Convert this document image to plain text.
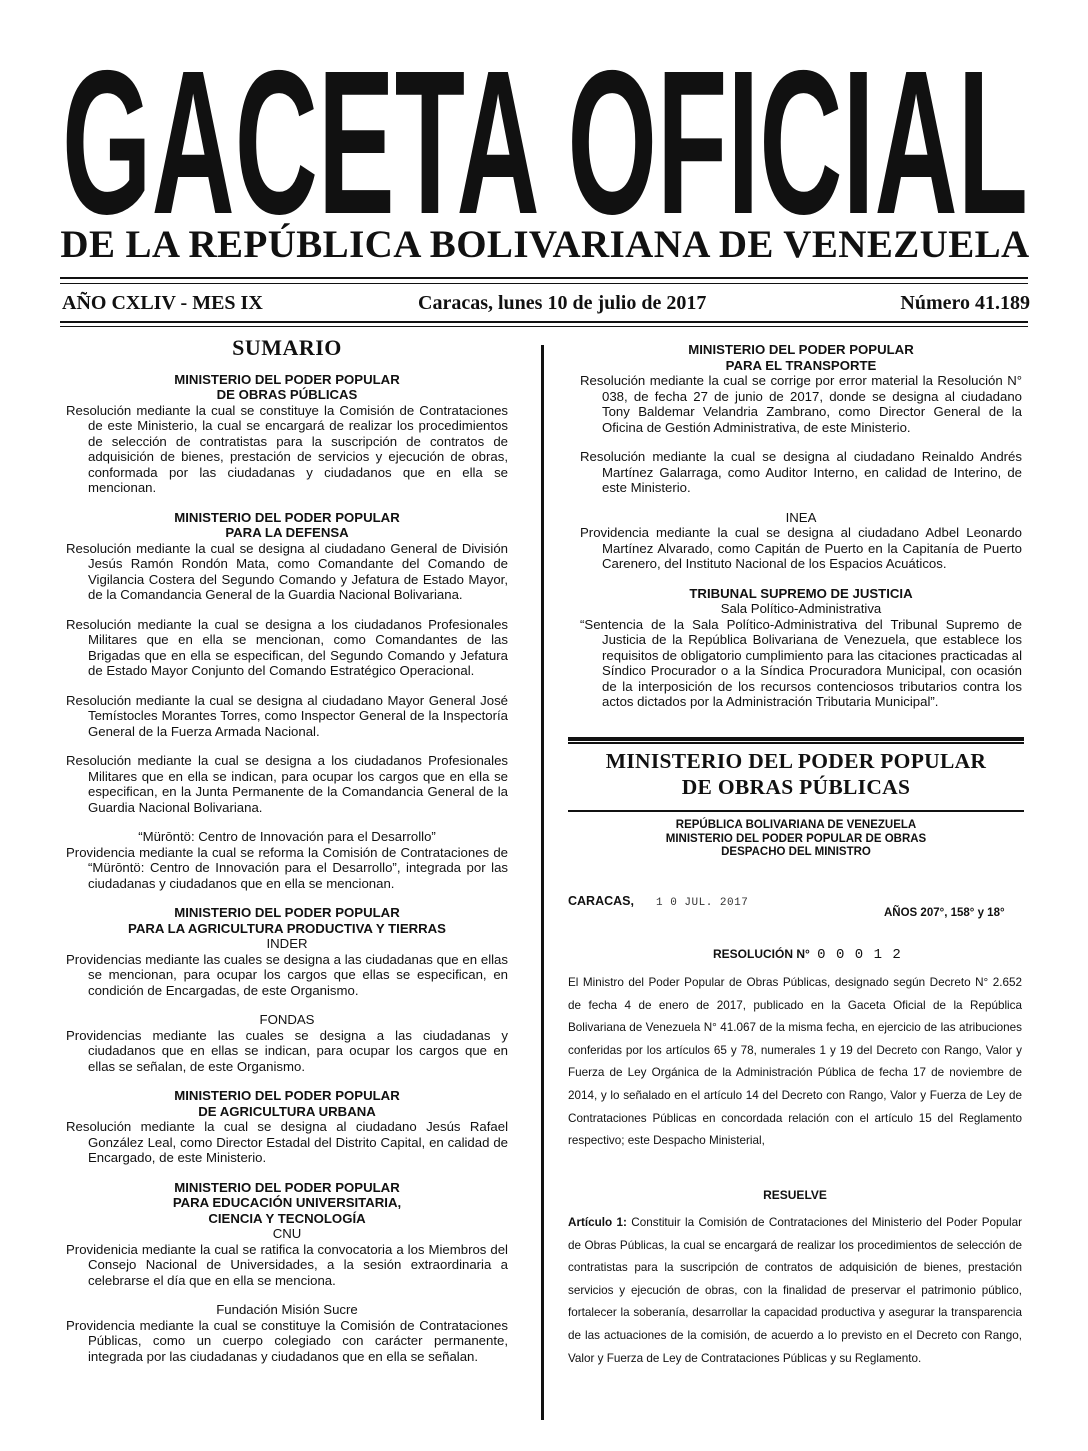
GACETA OFICIAL
DE LA REPÚBLICA BOLIVARIANA DE VENEZUELA
AÑO CXLIV - MES IX	Caracas, lunes 10 de julio de 2017	Número 41.189
SUMARIO
MINISTERIO DEL PODER POPULAR
DE OBRAS PÚBLICAS
Resolución mediante la cual se constituye la Comisión de Contrataciones de este Ministerio, la cual se encargará de realizar los procedimientos de selección de contratistas para la suscripción de contratos de adquisición de bienes, prestación de servicios y ejecución de obras, conformada por las ciudadanas y ciudadanos que en ella se mencionan.
MINISTERIO DEL PODER POPULAR
PARA LA DEFENSA
Resolución mediante la cual se designa al ciudadano General de División Jesús Ramón Rondón Mata, como Comandante del Comando de Vigilancia Costera del Segundo Comando y Jefatura de Estado Mayor, de la Comandancia General de la Guardia Nacional Bolivariana.
Resolución mediante la cual se designa a los ciudadanos Profesionales Militares que en ella se mencionan, como Comandantes de las Brigadas que en ella se especifican, del Segundo Comando y Jefatura de Estado Mayor Conjunto del Comando Estratégico Operacional.
Resolución mediante la cual se designa al ciudadano Mayor General José Temístocles Morantes Torres, como Inspector General de la Inspectoría General de la Fuerza Armada Nacional.
Resolución mediante la cual se designa a los ciudadanos Profesionales Militares que en ella se indican, para ocupar los cargos que en ella se especifican, en la Junta Permanente de la Comandancia General de la Guardia Nacional Bolivariana.
“Mürōntö: Centro de Innovación para el Desarrollo”
Providencia mediante la cual se reforma la Comisión de Contrataciones de “Mürōntö: Centro de Innovación para el Desarrollo”, integrada por las ciudadanas y ciudadanos que en ella se mencionan.
MINISTERIO DEL PODER POPULAR
PARA LA AGRICULTURA PRODUCTIVA Y TIERRAS
INDER
Providencias mediante las cuales se designa a las ciudadanas que en ellas se mencionan, para ocupar los cargos que ellas se especifican, en condición de Encargadas, de este Organismo.
FONDAS
Providencias mediante las cuales se designa a las ciudadanas y ciudadanos que en ellas se indican, para ocupar los cargos que en ellas se señalan, de este Organismo.
MINISTERIO DEL PODER POPULAR
DE AGRICULTURA URBANA
Resolución mediante la cual se designa al ciudadano Jesús Rafael González Leal, como Director Estadal del Distrito Capital, en calidad de Encargado, de este Ministerio.
MINISTERIO DEL PODER POPULAR
PARA EDUCACIÓN UNIVERSITARIA,
CIENCIA Y TECNOLOGÍA
CNU
Providenicia mediante la cual se ratifica la convocatoria a los Miembros del Consejo Nacional de Universidades, a la sesión extraordinaria a celebrarse el día que en ella se menciona.
Fundación Misión Sucre
Providencia mediante la cual se constituye la Comisión de Contrataciones Públicas, como un cuerpo colegiado con carácter permanente, integrada por las ciudadanas y ciudadanos que en ella se señalan.
MINISTERIO DEL PODER POPULAR
PARA EL TRANSPORTE
Resolución mediante la cual se corrige por error material la Resolución N° 038, de fecha 27 de junio de 2017, donde se designa al ciudadano Tony Baldemar Velandria Zambrano, como Director General de la Oficina de Gestión Administrativa, de este Ministerio.
Resolución mediante la cual se designa al ciudadano Reinaldo Andrés Martínez Galarraga, como Auditor Interno, en calidad de Interino, de este Ministerio.
INEA
Providencia mediante la cual se designa al ciudadano Adbel Leonardo Martínez Alvarado, como Capitán de Puerto en la Capitanía de Puerto Carenero, del Instituto Nacional de los Espacios Acuáticos.
TRIBUNAL SUPREMO DE JUSTICIA
Sala Político-Administrativa
“Sentencia de la Sala Político-Administrativa del Tribunal Supremo de Justicia de la República Bolivariana de Venezuela, que establece los requisitos de obligatorio cumplimiento para las citaciones practicadas al Síndico Procurador o a la Síndica Procuradora Municipal, con ocasión de la interposición de los recursos contenciosos tributarios contra los actos dictados por la Administración Tributaria Municipal”.
MINISTERIO DEL PODER POPULAR
DE OBRAS PÚBLICAS
REPÚBLICA BOLIVARIANA DE VENEZUELA
MINISTERIO DEL PODER POPULAR DE OBRAS
DESPACHO DEL MINISTRO
CARACAS, 1 0 JUL. 2017
AÑOS 207°, 158° y 18°
RESOLUCIÓN N° 0 0 0 1 2
El Ministro del Poder Popular de Obras Públicas, designado según Decreto N° 2.652 de fecha 4 de enero de 2017, publicado en la Gaceta Oficial de la República Bolivariana de Venezuela N° 41.067 de la misma fecha, en ejercicio de las atribuciones conferidas por los artículos 65 y 78, numerales 1 y 19 del Decreto con Rango, Valor y Fuerza de Ley Orgánica de la Administración Pública de fecha 17 de noviembre de 2014, y lo señalado en el artículo 14 del Decreto con Rango, Valor y Fuerza de Ley de Contrataciones Públicas en concordada relación con el artículo 15 del Reglamento respectivo; este Despacho Ministerial,
RESUELVE
Artículo 1: Constituir la Comisión de Contrataciones del Ministerio del Poder Popular de Obras Públicas, la cual se encargará de realizar los procedimientos de selección de contratistas para la suscripción de contratos de adquisición de bienes, prestación servicios y ejecución de obras, con la finalidad de preservar el patrimonio público, fortalecer la soberanía, desarrollar la capacidad productiva y asegurar la transparencia de las actuaciones de la comisión, de acuerdo a lo previsto en el Decreto con Rango, Valor y Fuerza de Ley de Contrataciones Públicas y su Reglamento.
